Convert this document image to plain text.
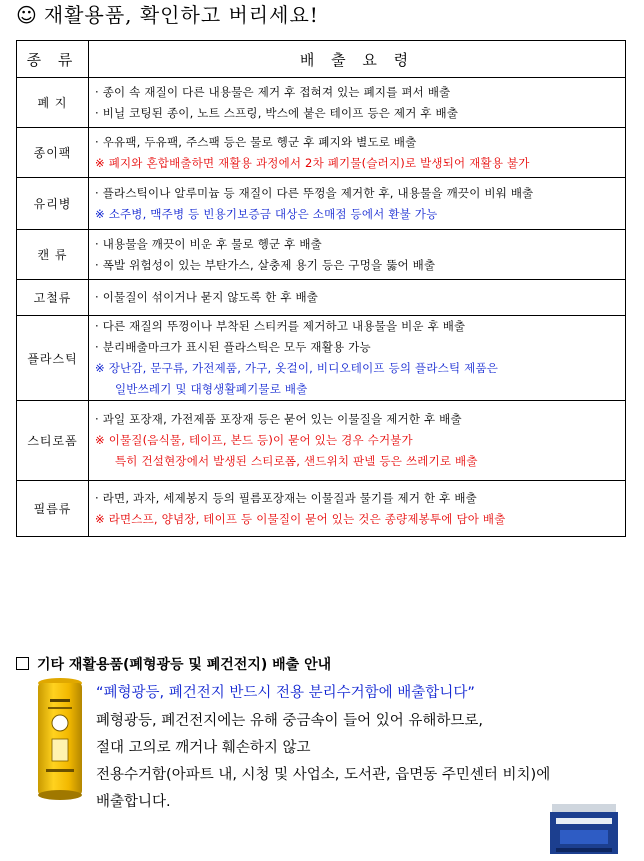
☺ 재활용품, 확인하고 버리세요!
종 류	배 출 요 령
폐 지	· 종이 속 재질이 다른 내용물은 제거 후 접혀져 있는 폐지를 펴서 배출
· 비닐 코팅된 종이, 노트 스프링, 박스에 붙은 테이프 등은 제거 후 배출

종이팩	· 우유팩, 두유팩, 주스팩 등은 물로 헹군 후 폐지와 별도로 배출
※ 폐지와 혼합배출하면 재활용 과정에서 2차 폐기물(슬러지)로 발생되어 재활용 불가

유리병	· 플라스틱이나 알루미늄 등 재질이 다른 뚜껑을 제거한 후, 내용물을 깨끗이 비워 배출
※ 소주병, 맥주병 등 빈용기보증금 대상은 소매점 등에서 환불 가능

캔 류	· 내용물을 깨끗이 비운 후 물로 헹군 후 배출
· 폭발 위험성이 있는 부탄가스, 살충제 용기 등은 구멍을 뚫어 배출

고철류	· 이물질이 섞이거나 묻지 않도록 한 후 배출

플라스틱	· 다른 재질의 뚜껑이나 부착된 스티커를 제거하고 내용물을 비운 후 배출
· 분리배출마크가 표시된 플라스틱은 모두 재활용 가능
※ 장난감, 문구류, 가전제품, 가구, 옷걸이, 비디오테이프 등의 플라스틱 제품은
일반쓰레기 및 대형생활폐기물로 배출

스티로폼	· 과일 포장재, 가전제품 포장재 등은 묻어 있는 이물질을 제거한 후 배출
※ 이물질(음식물, 테이프, 본드 등)이 묻어 있는 경우 수거불가
특히 건설현장에서 발생된 스티로폼, 샌드위치 판넬 등은 쓰레기로 배출

필름류	· 라면, 과자, 세제봉지 등의 필름포장재는 이물질과 물기를 제거 한 후 배출
※ 라면스프, 양념장, 테이프 등 이물질이 묻어 있는 것은 종량제봉투에 담아 배출
기타 재활용품(폐형광등 및 폐건전지) 배출 안내
“폐형광등, 폐건전지 반드시 전용 분리수거함에 배출합니다”
폐형광등, 폐건전지에는 유해 중금속이 들어 있어 유해하므로,
절대 고의로 깨거나 훼손하지 않고
전용수거함(아파트 내, 시청 및 사업소, 도서관, 읍면동 주민센터 비치)에
배출합니다.
